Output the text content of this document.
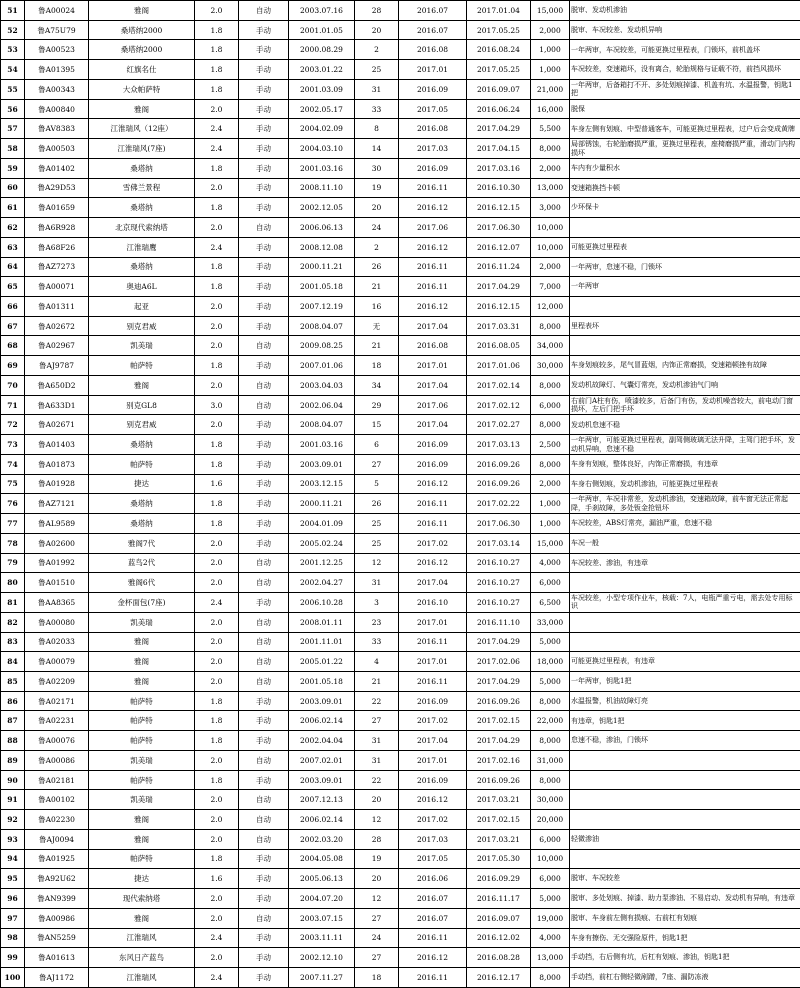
51	鲁A00024	雅阁	2.0	自动	2003.07.16	28	2016.07	2017.01.04	15,000	脱审、发动机渗油
52	鲁A75U79	桑塔纳2000	1.8	手动	2001.01.05	20	2016.07	2017.05.25	2,000	脱审、车况较差、发动机异响
53	鲁A00523	桑塔纳2000	1.8	手动	2000.08.29	2	2016.08	2016.08.24	1,000	一年两审，车况较差，可能更换过里程表，门锁坏，前机盖坏
54	鲁A01395	红旗名仕	1.8	手动	2003.01.22	25	2017.01	2017.05.25	1,000	车况较差，变速箱坏，没有离合，轮胎规格与证载不符，前挡风损坏
55	鲁A00343	大众帕萨特	1.8	手动	2001.03.09	31	2016.09	2016.09.07	21,000	一年两审，后备箱打不开、多处划痕掉漆、机盖有坑、水温报警，钥匙1把
56	鲁A00840	雅阁	2.0	手动	2002.05.17	33	2017.05	2016.06.24	16,000	脱保
57	鲁AV8383	江淮瑞风（12座）	2.4	手动	2004.02.09	8	2016.08	2017.04.29	5,500	车身左侧有划痕、中型普通客车，可能更换过里程表，过户后会变成黄牌
58	鲁A00503	江淮瑞风(7座)	2.4	手动	2004.03.10	14	2017.03	2017.04.15	8,000	局部锈蚀，右轮胎磨损严重，更换过里程表，座椅磨损严重，滑动门内构损坏
59	鲁A01402	桑塔纳	1.8	手动	2001.03.16	30	2016.09	2017.03.16	2,000	车内有少量积水
60	鲁A29D53	雪佛兰景程	2.0	手动	2008.11.10	19	2016.11	2016.10.30	13,000	变速箱换挡卡顿
61	鲁A01659	桑塔纳	1.8	手动	2002.12.05	20	2016.12	2016.12.15	3,000	少环保卡
62	鲁A6R928	北京现代索纳塔	2.0	自动	2006.06.13	24	2017.06	2017.06.30	10,000	
63	鲁A68F26	江淮瑞鹰	2.4	手动	2008.12.08	2	2016.12	2016.12.07	10,000	可能更换过里程表
64	鲁AZ7273	桑塔纳	1.8	手动	2000.11.21	26	2016.11	2016.11.24	2,000	一年两审，怠速不稳，门锁坏
65	鲁A00071	奥迪A6L	1.8	手动	2001.05.18	21	2016.11	2017.04.29	7,000	一年两审
66	鲁A01311	起亚	2.0	手动	2007.12.19	16	2016.12	2016.12.15	12,000	
67	鲁A02672	别克君威	2.0	手动	2008.04.07	无	2017.04	2017.03.31	8,000	里程表坏
68	鲁A02967	凯美瑞	2.0	自动	2009.08.25	21	2016.08	2016.08.05	34,000	
69	鲁AJ9787	帕萨特	1.8	手动	2007.01.06	18	2017.01	2017.01.06	30,000	车身划痕较多，尾气冒蓝烟，内饰正常磨损，变速箱顿挫有故障
70	鲁A650D2	雅阁	2.0	自动	2003.04.03	34	2017.04	2017.02.14	8,000	发动机故障灯、气囊灯常亮，发动机渗油气门响
71	鲁A633D1	别克GL8	3.0	自动	2002.06.04	29	2017.06	2017.02.12	6,000	右前门A柱有伤，喷漆较多，后备门有伤，发动机噪音较大，前电动门窗损坏，左后门把手坏
72	鲁A02671	别克君威	2.0	手动	2008.04.07	15	2017.04	2017.02.27	8,000	发动机怠速不稳
73	鲁A01403	桑塔纳	1.8	手动	2001.03.16	6	2016.09	2017.03.13	2,500	一年两审，可能更换过里程表，副驾侧玻璃无法升降，主驾门把手坏，发动机异响，怠速不稳
74	鲁A01873	帕萨特	1.8	手动	2003.09.01	27	2016.09	2016.09.26	8,000	车身有划痕，整体良好，内饰正常磨损，有违章
75	鲁A01928	捷达	1.6	手动	2003.12.15	5	2016.12	2016.09.26	2,000	车身右侧划痕，发动机渗油，可能更换过里程表
76	鲁AZ7121	桑塔纳	1.8	手动	2000.11.21	26	2016.11	2017.02.22	1,000	一年两审，车况非常差，发动机渗油，变速箱故障，前车窗无法正常起降，手刹故障，多处钣金抢钮坏
77	鲁AL9589	桑塔纳	1.8	手动	2004.01.09	25	2016.11	2017.06.30	1,000	车况较差，ABS灯常亮，漏油严重，怠速不稳
78	鲁A02600	雅阁7代	2.0	手动	2005.02.24	25	2017.02	2017.03.14	15,000	车况一般
79	鲁A01992	蓝鸟2代	2.0	自动	2001.12.25	12	2016.12	2016.10.27	4,000	车况较差、渗油，有违章
80	鲁A01510	雅阁6代	2.0	自动	2002.04.27	31	2017.04	2016.10.27	6,000	
81	鲁AA8365	金杯面包(7座)	2.4	手动	2006.10.28	3	2016.10	2016.10.27	6,500	车况较差，小型专项作业车，核载：7人，电瓶严重亏电，需去处专用标识
82	鲁A00080	凯美瑞	2.0	自动	2008.01.11	23	2017.01	2016.11.10	33,000	
83	鲁A02033	雅阁	2.0	自动	2001.11.01	33	2016.11	2017.04.29	5,000	
84	鲁A00079	雅阁	2.0	自动	2005.01.22	4	2017.01	2017.02.06	18,000	可能更换过里程表，有违章
85	鲁A02209	雅阁	2.0	自动	2001.05.18	21	2016.11	2017.04.29	5,000	一年两审，钥匙1把
86	鲁A02171	帕萨特	1.8	手动	2003.09.01	22	2016.09	2016.09.26	8,000	水温报警，机油故障灯亮
87	鲁A02231	帕萨特	1.8	手动	2006.02.14	27	2017.02	2017.02.15	22,000	有违章，钥匙1把
88	鲁A00076	帕萨特	1.8	手动	2002.04.04	31	2017.04	2017.04.29	8,000	怠速不稳，渗油，门锁坏
89	鲁A00086	凯美瑞	2.0	自动	2007.02.01	31	2017.01	2017.02.16	31,000	
90	鲁A02181	帕萨特	1.8	手动	2003.09.01	22	2016.09	2016.09.26	8,000	
91	鲁A00102	凯美瑞	2.0	自动	2007.12.13	20	2016.12	2017.03.21	30,000	
92	鲁A02230	雅阁	2.0	自动	2006.02.14	12	2017.02	2017.02.15	20,000	
93	鲁AJ0094	雅阁	2.0	自动	2002.03.20	28	2017.03	2017.03.21	6,000	轻微渗油
94	鲁A01925	帕萨特	1.8	手动	2004.05.08	19	2017.05	2017.05.30	10,000	
95	鲁A92U62	捷达	1.6	手动	2005.06.13	20	2016.06	2016.09.29	6,000	脱审、车况较差
96	鲁AN9399	现代索纳塔	2.0	手动	2004.07.20	12	2016.07	2016.11.17	5,000	脱审、多处划痕、掉漆、助力泵渗油、不易启动、发动机有异响，有违章
97	鲁A00986	雅阁	2.0	自动	2003.07.15	27	2016.07	2016.09.07	19,000	脱审、车身前左侧有损痕、右前杠有划痕
98	鲁AN5259	江淮瑞风	2.4	手动	2003.11.11	24	2016.11	2016.12.02	4,000	车身有擦伤、无交强险原件，钥匙1把
99	鲁A01613	东风日产蓝鸟	2.0	手动	2002.12.10	27	2016.12	2016.08.28	13,000	手动挡，右后侧有坑，后杠有划痕、渗油，钥匙1把
100	鲁AJ1172	江淮瑞风	2.4	手动	2007.11.27	18	2016.11	2016.12.17	8,000	手动挡，前杠右侧轻微剐蹭，7座、漏防冻液
